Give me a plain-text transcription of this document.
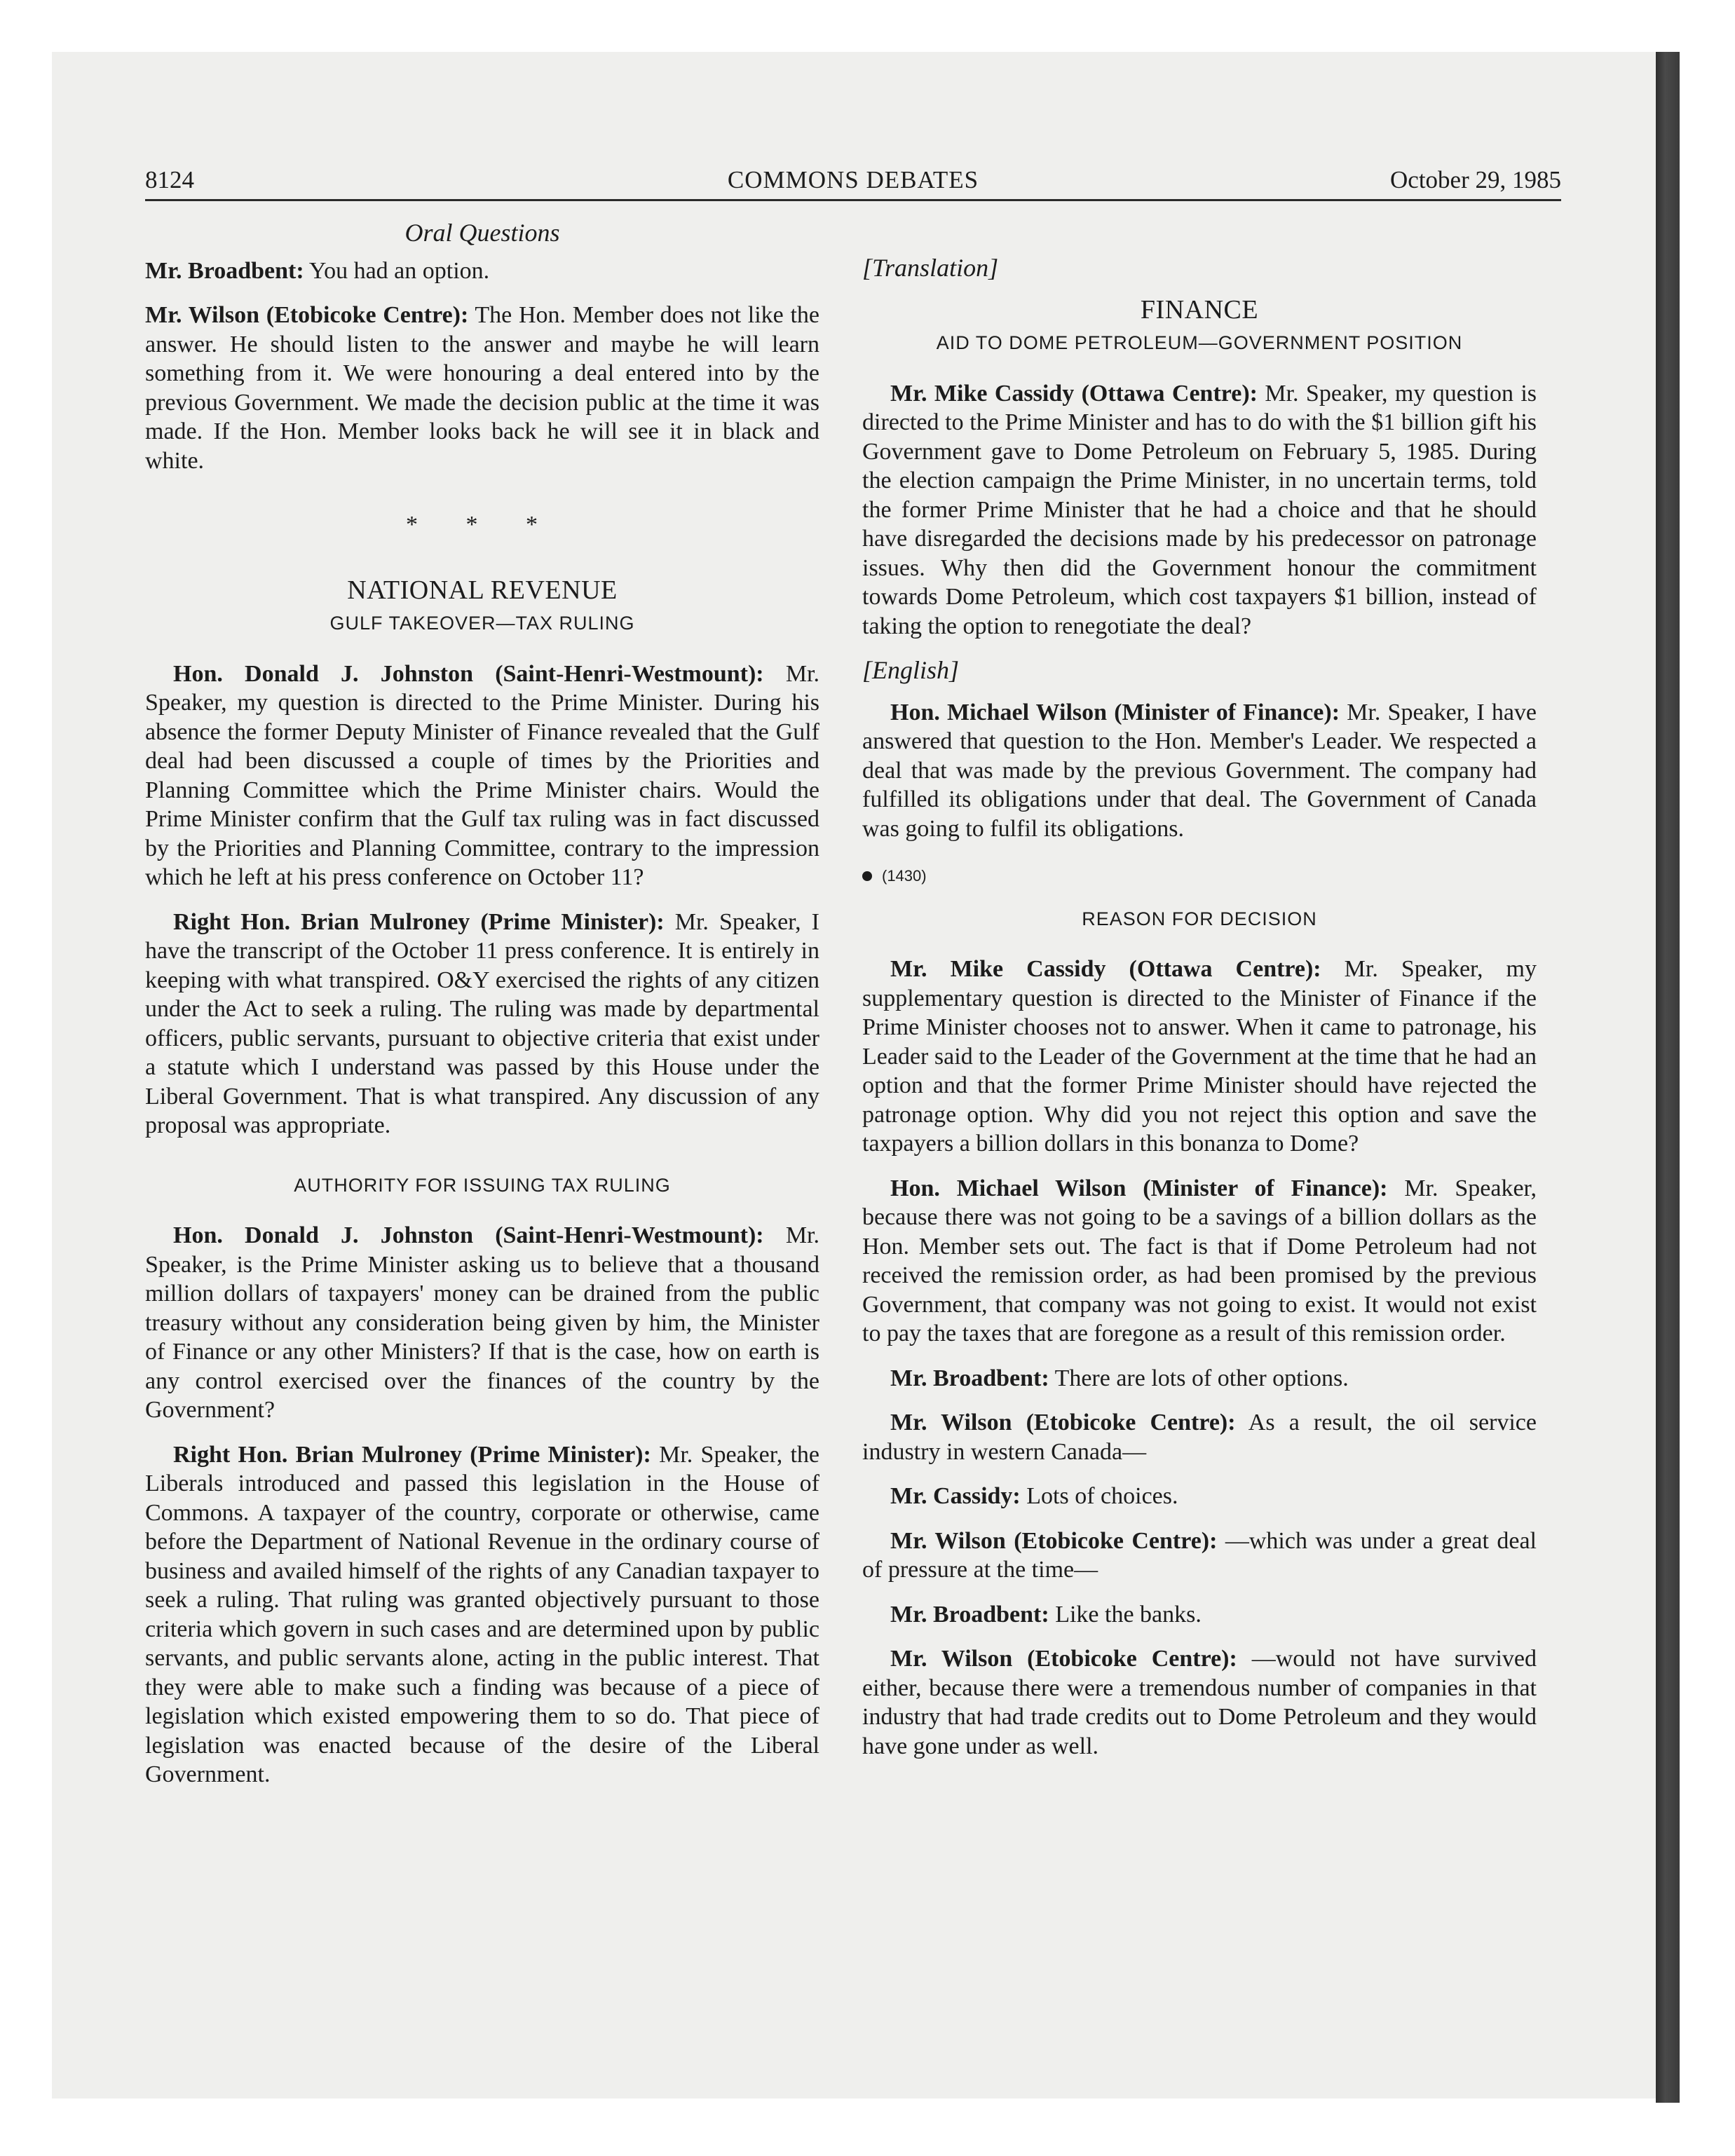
8124	COMMONS DEBATES	October 29, 1985
Oral Questions

Mr. Broadbent: You had an option.

Mr. Wilson (Etobicoke Centre): The Hon. Member does not like the answer. He should listen to the answer and maybe he will learn something from it. We were honouring a deal entered into by the previous Government. We made the decision public at the time it was made. If the Hon. Member looks back he will see it in black and white.

* * *
NATIONAL REVENUE
GULF TAKEOVER—TAX RULING

Hon. Donald J. Johnston (Saint-Henri-Westmount): Mr. Speaker, my question is directed to the Prime Minister. During his absence the former Deputy Minister of Finance revealed that the Gulf deal had been discussed a couple of times by the Priorities and Planning Committee which the Prime Minister chairs. Would the Prime Minister confirm that the Gulf tax ruling was in fact discussed by the Priorities and Planning Committee, contrary to the impression which he left at his press conference on October 11?

Right Hon. Brian Mulroney (Prime Minister): Mr. Speaker, I have the transcript of the October 11 press conference. It is entirely in keeping with what transpired. O&Y exercised the rights of any citizen under the Act to seek a ruling. The ruling was made by departmental officers, public servants, pursuant to objective criteria that exist under a statute which I understand was passed by this House under the Liberal Government. That is what transpired. Any discussion of any proposal was appropriate.

AUTHORITY FOR ISSUING TAX RULING

Hon. Donald J. Johnston (Saint-Henri-Westmount): Mr. Speaker, is the Prime Minister asking us to believe that a thousand million dollars of taxpayers' money can be drained from the public treasury without any consideration being given by him, the Minister of Finance or any other Ministers? If that is the case, how on earth is any control exercised over the finances of the country by the Government?

Right Hon. Brian Mulroney (Prime Minister): Mr. Speaker, the Liberals introduced and passed this legislation in the House of Commons. A taxpayer of the country, corporate or otherwise, came before the Department of National Revenue in the ordinary course of business and availed himself of the rights of any Canadian taxpayer to seek a ruling. That ruling was granted objectively pursuant to those criteria which govern in such cases and are determined upon by public servants, and public servants alone, acting in the public interest. That they were able to make such a finding was because of a piece of legislation which existed empowering them to so do. That piece of legislation was enacted because of the desire of the Liberal Government.

[Translation]
FINANCE
AID TO DOME PETROLEUM—GOVERNMENT POSITION

Mr. Mike Cassidy (Ottawa Centre): Mr. Speaker, my question is directed to the Prime Minister and has to do with the $1 billion gift his Government gave to Dome Petroleum on February 5, 1985. During the election campaign the Prime Minister, in no uncertain terms, told the former Prime Minister that he had a choice and that he should have disregarded the decisions made by his predecessor on patronage issues. Why then did the Government honour the commitment towards Dome Petroleum, which cost taxpayers $1 billion, instead of taking the option to renegotiate the deal?

[English]

Hon. Michael Wilson (Minister of Finance): Mr. Speaker, I have answered that question to the Hon. Member's Leader. We respected a deal that was made by the previous Government. The company had fulfilled its obligations under that deal. The Government of Canada was going to fulfil its obligations.

(1430)
REASON FOR DECISION

Mr. Mike Cassidy (Ottawa Centre): Mr. Speaker, my supplementary question is directed to the Minister of Finance if the Prime Minister chooses not to answer. When it came to patronage, his Leader said to the Leader of the Government at the time that he had an option and that the former Prime Minister should have rejected the patronage option. Why did you not reject this option and save the taxpayers a billion dollars in this bonanza to Dome?

Hon. Michael Wilson (Minister of Finance): Mr. Speaker, because there was not going to be a savings of a billion dollars as the Hon. Member sets out. The fact is that if Dome Petroleum had not received the remission order, as had been promised by the previous Government, that company was not going to exist. It would not exist to pay the taxes that are foregone as a result of this remission order.

Mr. Broadbent: There are lots of other options.

Mr. Wilson (Etobicoke Centre): As a result, the oil service industry in western Canada—

Mr. Cassidy: Lots of choices.

Mr. Wilson (Etobicoke Centre): —which was under a great deal of pressure at the time—

Mr. Broadbent: Like the banks.

Mr. Wilson (Etobicoke Centre): —would not have survived either, because there were a tremendous number of companies in that industry that had trade credits out to Dome Petroleum and they would have gone under as well.
